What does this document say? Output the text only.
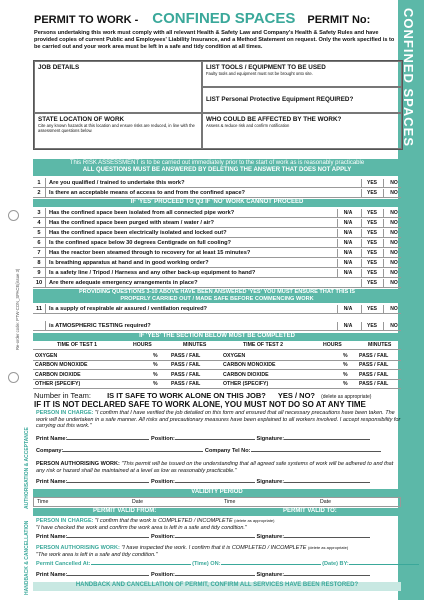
CONFINED SPACES
Re-order code: PTW-CON_SPACE(issue 3)
PERMIT TO WORK - CONFINED SPACES PERMIT No:
Persons undertaking this work must comply with all relevant Health & Safety Law and Company's Health & Safety Rules and have provided copies of current Public and Employees' Liability Insurance, and a Method Statement on request. Only the work specified is to be carried out and your work area must be left in a safe and tidy condition at all times.
JOB DETAILS	LIST TOOLS / EQUIPMENT TO BE USED
Faulty tools and equipment must not be brought onto site.
LIST Personal Protective Equipment REQUIRED?
STATE LOCATION OF WORK
Cite any known hazards at this location and ensure risks are reduced, in line with the assessment questions below.
WHO COULD BE AFFECTED BY THE WORK?
Assess & reduce risk and confirm notification
This RISK ASSESSMENT is to be carried out immediately prior to the start of work as is reasonably practicable
ALL QUESTIONS MUST BE ANSWERED BY DELETING THE ANSWER THAT DOES NOT APPLY
1	Are you qualified / trained to undertake this work?	YES	NO
2	Is there an acceptable means of access to and from the confined space?	YES	NO
IF 'YES' PROCEED TO Q3 IF 'NO' WORK CANNOT PROCEED
3	Has the confined space been isolated from all connected pipe work?	N/A	YES	NO
4	Has the confined space been purged with steam / water / air?	N/A	YES	NO
5	Has the confined space been electrically isolated and locked out?	N/A	YES	NO
6	Is the confined space below 30 degrees Centigrade on full cooling?	N/A	YES	NO
7	Has the reactor been steamed through to recovery for at least 15 minutes?	N/A	YES	NO
8	Is breathing apparatus at hand and in good working order?	N/A	YES	NO
9	Is a safety line / Tripod / Harness and any other back-up equipment to hand?	N/A	YES	NO
10	Are there adequate emergency arrangements in place?	YES	NO
PROVIDING QUESTIONS 3-10 ABOVE HAVE BEEN ANSWERED 'YES' YOU MUST ENSURE THAT THIS IS
PROPERLY CARRIED OUT / MADE SAFE BEFORE COMMENCING WORK
11	Is a supply of respirable air assured / ventilation required?	N/A	YES	NO
is ATMOSPHERIC TESTING required?	N/A	YES	NO
IF 'YES' THE SECTION BELOW MUST BE COMPLETED
TIME OF TEST 1	HOURS	MINUTES	TIME OF TEST 2	HOURS	MINUTES
OXYGEN	%	PASS / FAIL	OXYGEN	% PASS / FAIL
CARBON MONOXIDE	%	PASS / FAIL	CARBON MONOXIDE	% PASS / FAIL
CARBON DIOXIDE	%	PASS / FAIL	CARBON DIOXIDE	% PASS / FAIL
OTHER (SPECIFY)	%	PASS / FAIL	OTHER (SPECIFY)	% PASS / FAIL
Number in Team: IS IT SAFE TO WORK ALONE ON THIS JOB? YES / NO? (delete as appropriate)
IF IT IS NOT DECLARED SAFE TO WORK ALONE, YOU MUST NOT DO SO AT ANY TIME
AUTHORISATION & ACCEPTANCE
HANDBACK & CANCELLATION
PERSON IN CHARGE: "I confirm that I have verified the job detailed on this form and ensured that all necessary precautions have been taken. The work will be undertaken in a safe manner. All risks and precautionary measures have been explained to all workers involved. I accept responsibility for carrying out this work."
Print Name:	Position:	Signature:
Company:	Company Tel No:
PERSON AUTHORISING WORK: "This permit will be issued on the understanding that all agreed safe systems of work will be adhered to and that any risk or hazard shall be maintained at a level as low as reasonably practicable."
Print Name:	Position:	Signature:
VALIDITY PERIOD
Time	Date	Time	Date
PERMIT VALID FROM:	PERMIT VALID TO:
PERSON IN CHARGE: "I confirm that the work is COMPLETED / INCOMPLETE (delete as appropriate)
"I have checked the work and confirm the work area is left in a safe and tidy condition."
Print Name:	Position:	Signature:
PERSON AUTHORISING WORK: "I have inspected the work. I confirm that it is COMPLETED / INCOMPLETE (delete as appropriate)
"The work area is left in a safe and tidy condition."
Permit Cancelled At:	(Time) ON:	(Date) BY:
Print Name:	Position:	Signature:
HANDBACK AND CANCELLATION OF PERMIT, CONFIRM ALL SERVICES HAVE BEEN RESTORED?
